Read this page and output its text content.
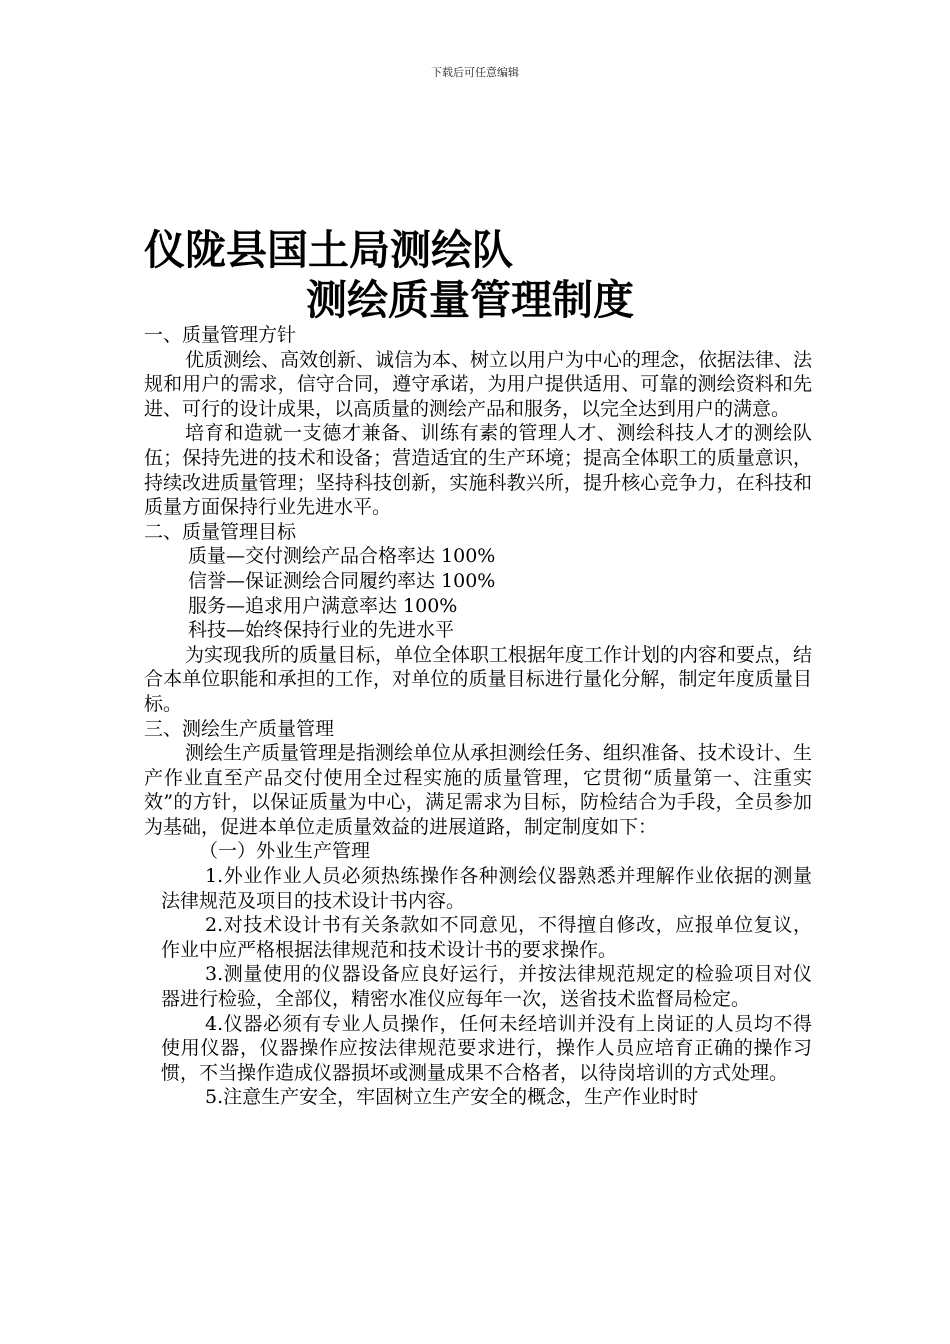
下载后可任意编辑
仪陇县国土局测绘队
测绘质量管理制度

一、质量管理方针

优质测绘、高效创新、诚信为本、树立以用户为中心的理念，依据法律、法规和用户的需求，信守合同，遵守承诺，为用户提供适用、可靠的测绘资料和先进、可行的设计成果，以高质量的测绘产品和服务，以完全达到用户的满意。

培育和造就一支德才兼备、训练有素的管理人才、测绘科技人才的测绘队伍；保持先进的技术和设备；营造适宜的生产环境；提高全体职工的质量意识，持续改进质量管理；坚持科技创新，实施科教兴所，提升核心竞争力，在科技和质量方面保持行业先进水平。

二、质量管理目标

质量—交付测绘产品合格率达 100%

信誉—保证测绘合同履约率达 100%

服务—追求用户满意率达 100%

科技—始终保持行业的先进水平

为实现我所的质量目标，单位全体职工根据年度工作计划的内容和要点，结合本单位职能和承担的工作，对单位的质量目标进行量化分解，制定年度质量目标。

三、测绘生产质量管理

测绘生产质量管理是指测绘单位从承担测绘任务、组织准备、技术设计、生产作业直至产品交付使用全过程实施的质量管理，它贯彻“质量第一、注重实效”的方针，以保证质量为中心，满足需求为目标，防检结合为手段，全员参加为基础，促进本单位走质量效益的进展道路，制定制度如下：

（一）外业生产管理

1.外业作业人员必须热练操作各种测绘仪器熟悉并理解作业依据的测量法律规范及项目的技术设计书内容。

2.对技术设计书有关条款如不同意见，不得擅自修改，应报单位复议，作业中应严格根据法律规范和技术设计书的要求操作。

3.测量使用的仪器设备应良好运行，并按法律规范规定的检验项目对仪器进行检验，全部仪，精密水准仪应每年一次，送省技术监督局检定。

4.仪器必须有专业人员操作，任何未经培训并没有上岗证的人员均不得使用仪器，仪器操作应按法律规范要求进行，操作人员应培育正确的操作习惯，不当操作造成仪器损坏或测量成果不合格者，以待岗培训的方式处理。

5.注意生产安全，牢固树立生产安全的概念，生产作业时时
